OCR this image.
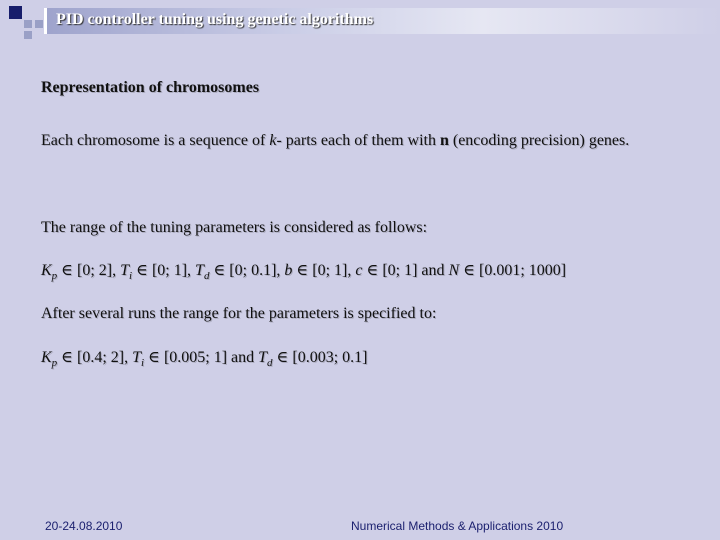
PID controller tuning using genetic algorithms
Representation of chromosomes
Each chromosome is a sequence of k- parts each of them with n (encoding precision) genes.
The range of the tuning parameters is considered as follows:
$K_p$ ∈ [0; 2], $T_i$ ∈ [0; 1], $T_d$ ∈ [0; 0.1], b ∈ [0; 1], c ∈ [0; 1] and N ∈ [0.001; 1000]
After several runs the range for the parameters is specified to:
$K_p$ ∈ [0.4; 2], $T_i$ ∈ [0.005; 1] and $T_d$ ∈ [0.003; 0.1]
20-24.08.2010	Numerical Methods & Applications 2010
